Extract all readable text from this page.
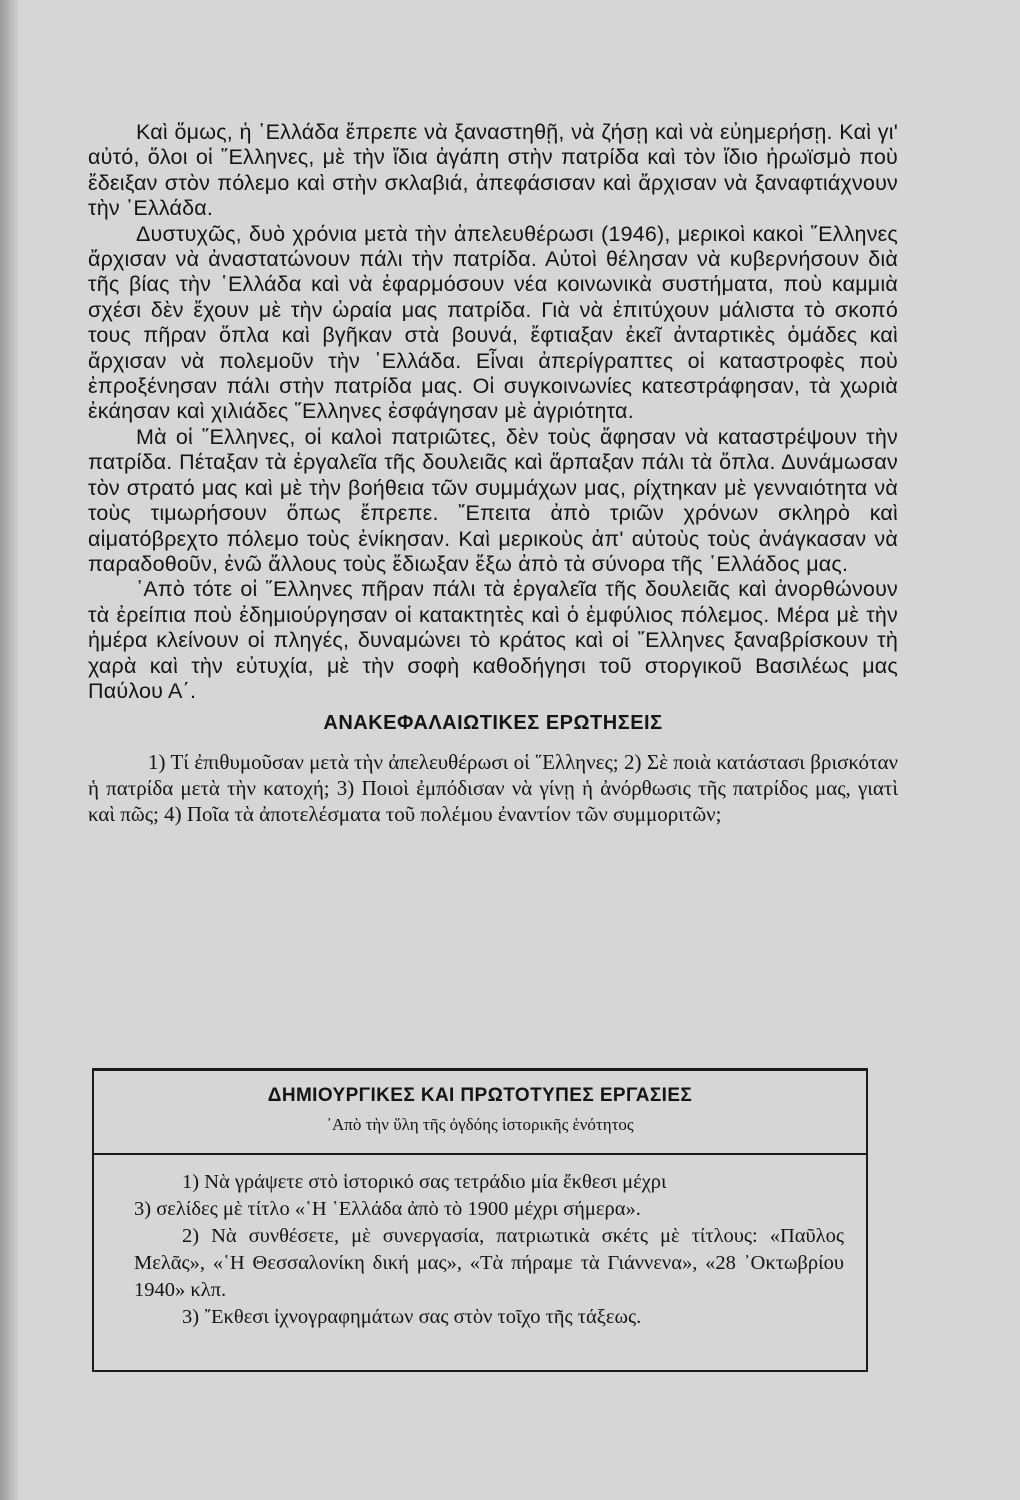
Καὶ ὅμως, ἡ ῾Ελλάδα ἔπρεπε νὰ ξαναστηθῇ, νὰ ζήσῃ καὶ νὰ εὐημερήσῃ. Καὶ γι' αὐτό, ὅλοι οἱ ῞Ελληνες, μὲ τὴν ἴδια ἀγάπη στὴν πατρίδα καὶ τὸν ἴδιο ἡρωϊσμὸ ποὺ ἔδειξαν στὸν πόλεμο καὶ στὴν σκλαβιά, ἀπεφάσισαν καὶ ἄρχισαν νὰ ξαναφτιάχνουν τὴν ῾Ελλάδα.

Δυστυχῶς, δυὸ χρόνια μετὰ τὴν ἀπελευθέρωσι (1946), μερικοὶ κακοὶ ῞Ελληνες ἄρχισαν νὰ ἀναστατώνουν πάλι τὴν πατρίδα. Αὐτοὶ θέλησαν νὰ κυβερνήσουν διὰ τῆς βίας τὴν ῾Ελλάδα καὶ νὰ ἐφαρμόσουν νέα κοινωνικὰ συστήματα, ποὺ καμμιὰ σχέσι δὲν ἔχουν μὲ τὴν ὡραία μας πατρίδα. Γιὰ νὰ ἐπιτύχουν μάλιστα τὸ σκοπό τους πῆραν ὅπλα καὶ βγῆκαν στὰ βουνά, ἔφτιαξαν ἐκεῖ ἀνταρτικὲς ὁμάδες καὶ ἄρχισαν νὰ πολεμοῦν τὴν ῾Ελλάδα. Εἶναι ἀπερίγραπτες οἱ καταστροφὲς ποὺ ἐπροξένησαν πάλι στὴν πατρίδα μας. Οἱ συγκοινωνίες κατεστράφησαν, τὰ χωριὰ ἐκάησαν καὶ χιλιάδες ῞Ελληνες ἐσφάγησαν μὲ ἀγριότητα.

Μὰ οἱ ῞Ελληνες, οἱ καλοὶ πατριῶτες, δὲν τοὺς ἄφησαν νὰ καταστρέψουν τὴν πατρίδα. Πέταξαν τὰ ἐργαλεῖα τῆς δουλειᾶς καὶ ἅρπαξαν πάλι τὰ ὅπλα. Δυνάμωσαν τὸν στρατό μας καὶ μὲ τὴν βοήθεια τῶν συμμάχων μας, ρίχτηκαν μὲ γενναιότητα νὰ τοὺς τιμωρήσουν ὅπως ἔπρεπε. ῎Επειτα ἀπὸ τριῶν χρόνων σκληρὸ καὶ αἱματόβρεχτο πόλεμο τοὺς ἐνίκησαν. Καὶ μερικοὺς ἀπ' αὐτοὺς τοὺς ἀνάγκασαν νὰ παραδοθοῦν, ἐνῶ ἄλλους τοὺς ἔδιωξαν ἔξω ἀπὸ τὰ σύνορα τῆς ῾Ελλάδος μας.

᾿Απὸ τότε οἱ ῞Ελληνες πῆραν πάλι τὰ ἐργαλεῖα τῆς δουλειᾶς καὶ ἀνορθώνουν τὰ ἐρείπια ποὺ ἐδημιούργησαν οἱ κατακτητὲς καὶ ὁ ἐμφύλιος πόλεμος. Μέρα μὲ τὴν ἡμέρα κλείνουν οἱ πληγές, δυναμώνει τὸ κράτος καὶ οἱ ῞Ελληνες ξαναβρίσκουν τὴ χαρὰ καὶ τὴν εὐτυχία, μὲ τὴν σοφὴ καθοδήγησι τοῦ στοργικοῦ Βασιλέως μας Παύλου Α΄.

ΑΝΑΚΕΦΑΛΑΙΩΤΙΚΕΣ ΕΡΩΤΗΣΕΙΣ

1) Τί ἐπιθυμοῦσαν μετὰ τὴν ἀπελευθέρωσι οἱ ῞Ελληνες; 2) Σὲ ποιὰ κατάστασι βρισκόταν ἡ πατρίδα μετὰ τὴν κατοχή; 3) Ποιοὶ ἐμπόδισαν νὰ γίνῃ ἡ ἀνόρθωσις τῆς πατρίδος μας, γιατὶ καὶ πῶς; 4) Ποῖα τὰ ἀποτελέσματα τοῦ πολέμου ἐναντίον τῶν συμμοριτῶν;

ΔΗΜΙΟΥΡΓΙΚΕΣ ΚΑΙ ΠΡΩΤΟΤΥΠΕΣ ΕΡΓΑΣΙΕΣ
᾿Απὸ τὴν ὕλη τῆς ὀγδόης ἱστορικῆς ἑνότητος

1) Νὰ γράψετε στὸ ἱστορικό σας τετράδιο μία ἔκθεσι μέχρι

3) σελίδες μὲ τίτλο «῾Η ῾Ελλάδα ἀπὸ τὸ 1900 μέχρι σήμερα».

2) Νὰ συνθέσετε, μὲ συνεργασία, πατριωτικὰ σκέτς μὲ τίτλους: «Παῦλος Μελᾶς», «῾Η Θεσσαλονίκη δική μας», «Τὰ πήραμε τὰ Γιάννενα», «28 ᾿Οκτωβρίου 1940» κλπ.

3) ῎Εκθεσι ἰχνογραφημάτων σας στὸν τοῖχο τῆς τάξεως.
